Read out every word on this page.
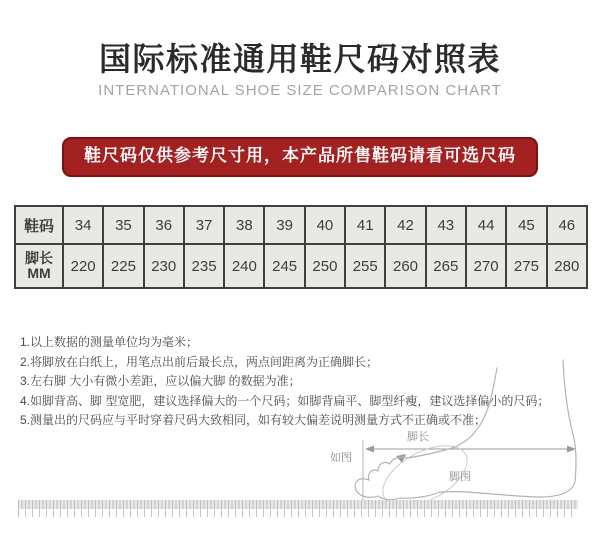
国际标准通用鞋尺码对照表
INTERNATIONAL SHOE SIZE COMPARISON CHART
鞋尺码仅供参考尺寸用，本产品所售鞋码请看可选尺码
鞋码	34	35	36	37	38	39	40	41	42	43	44	45	46

脚长
MM	220	225	230	235	240	245	250	255	260	265	270	275	280
1.以上数据的测量单位均为毫米；
2.将脚放在白纸上，用笔点出前后最长点，两点间距离为正确脚长；
3.左右脚 大小有微小差距，应以偏大脚 的数据为准；
4.如脚背高、脚 型宽肥，建议选择偏大的一个尺码；如脚背扁平、脚型纤瘦，建议选择偏小的尺码；
5.测量出的尺码应与平时穿着尺码大致相同，如有较大偏差说明测量方式不正确或不准；
如图
脚长
脚围
